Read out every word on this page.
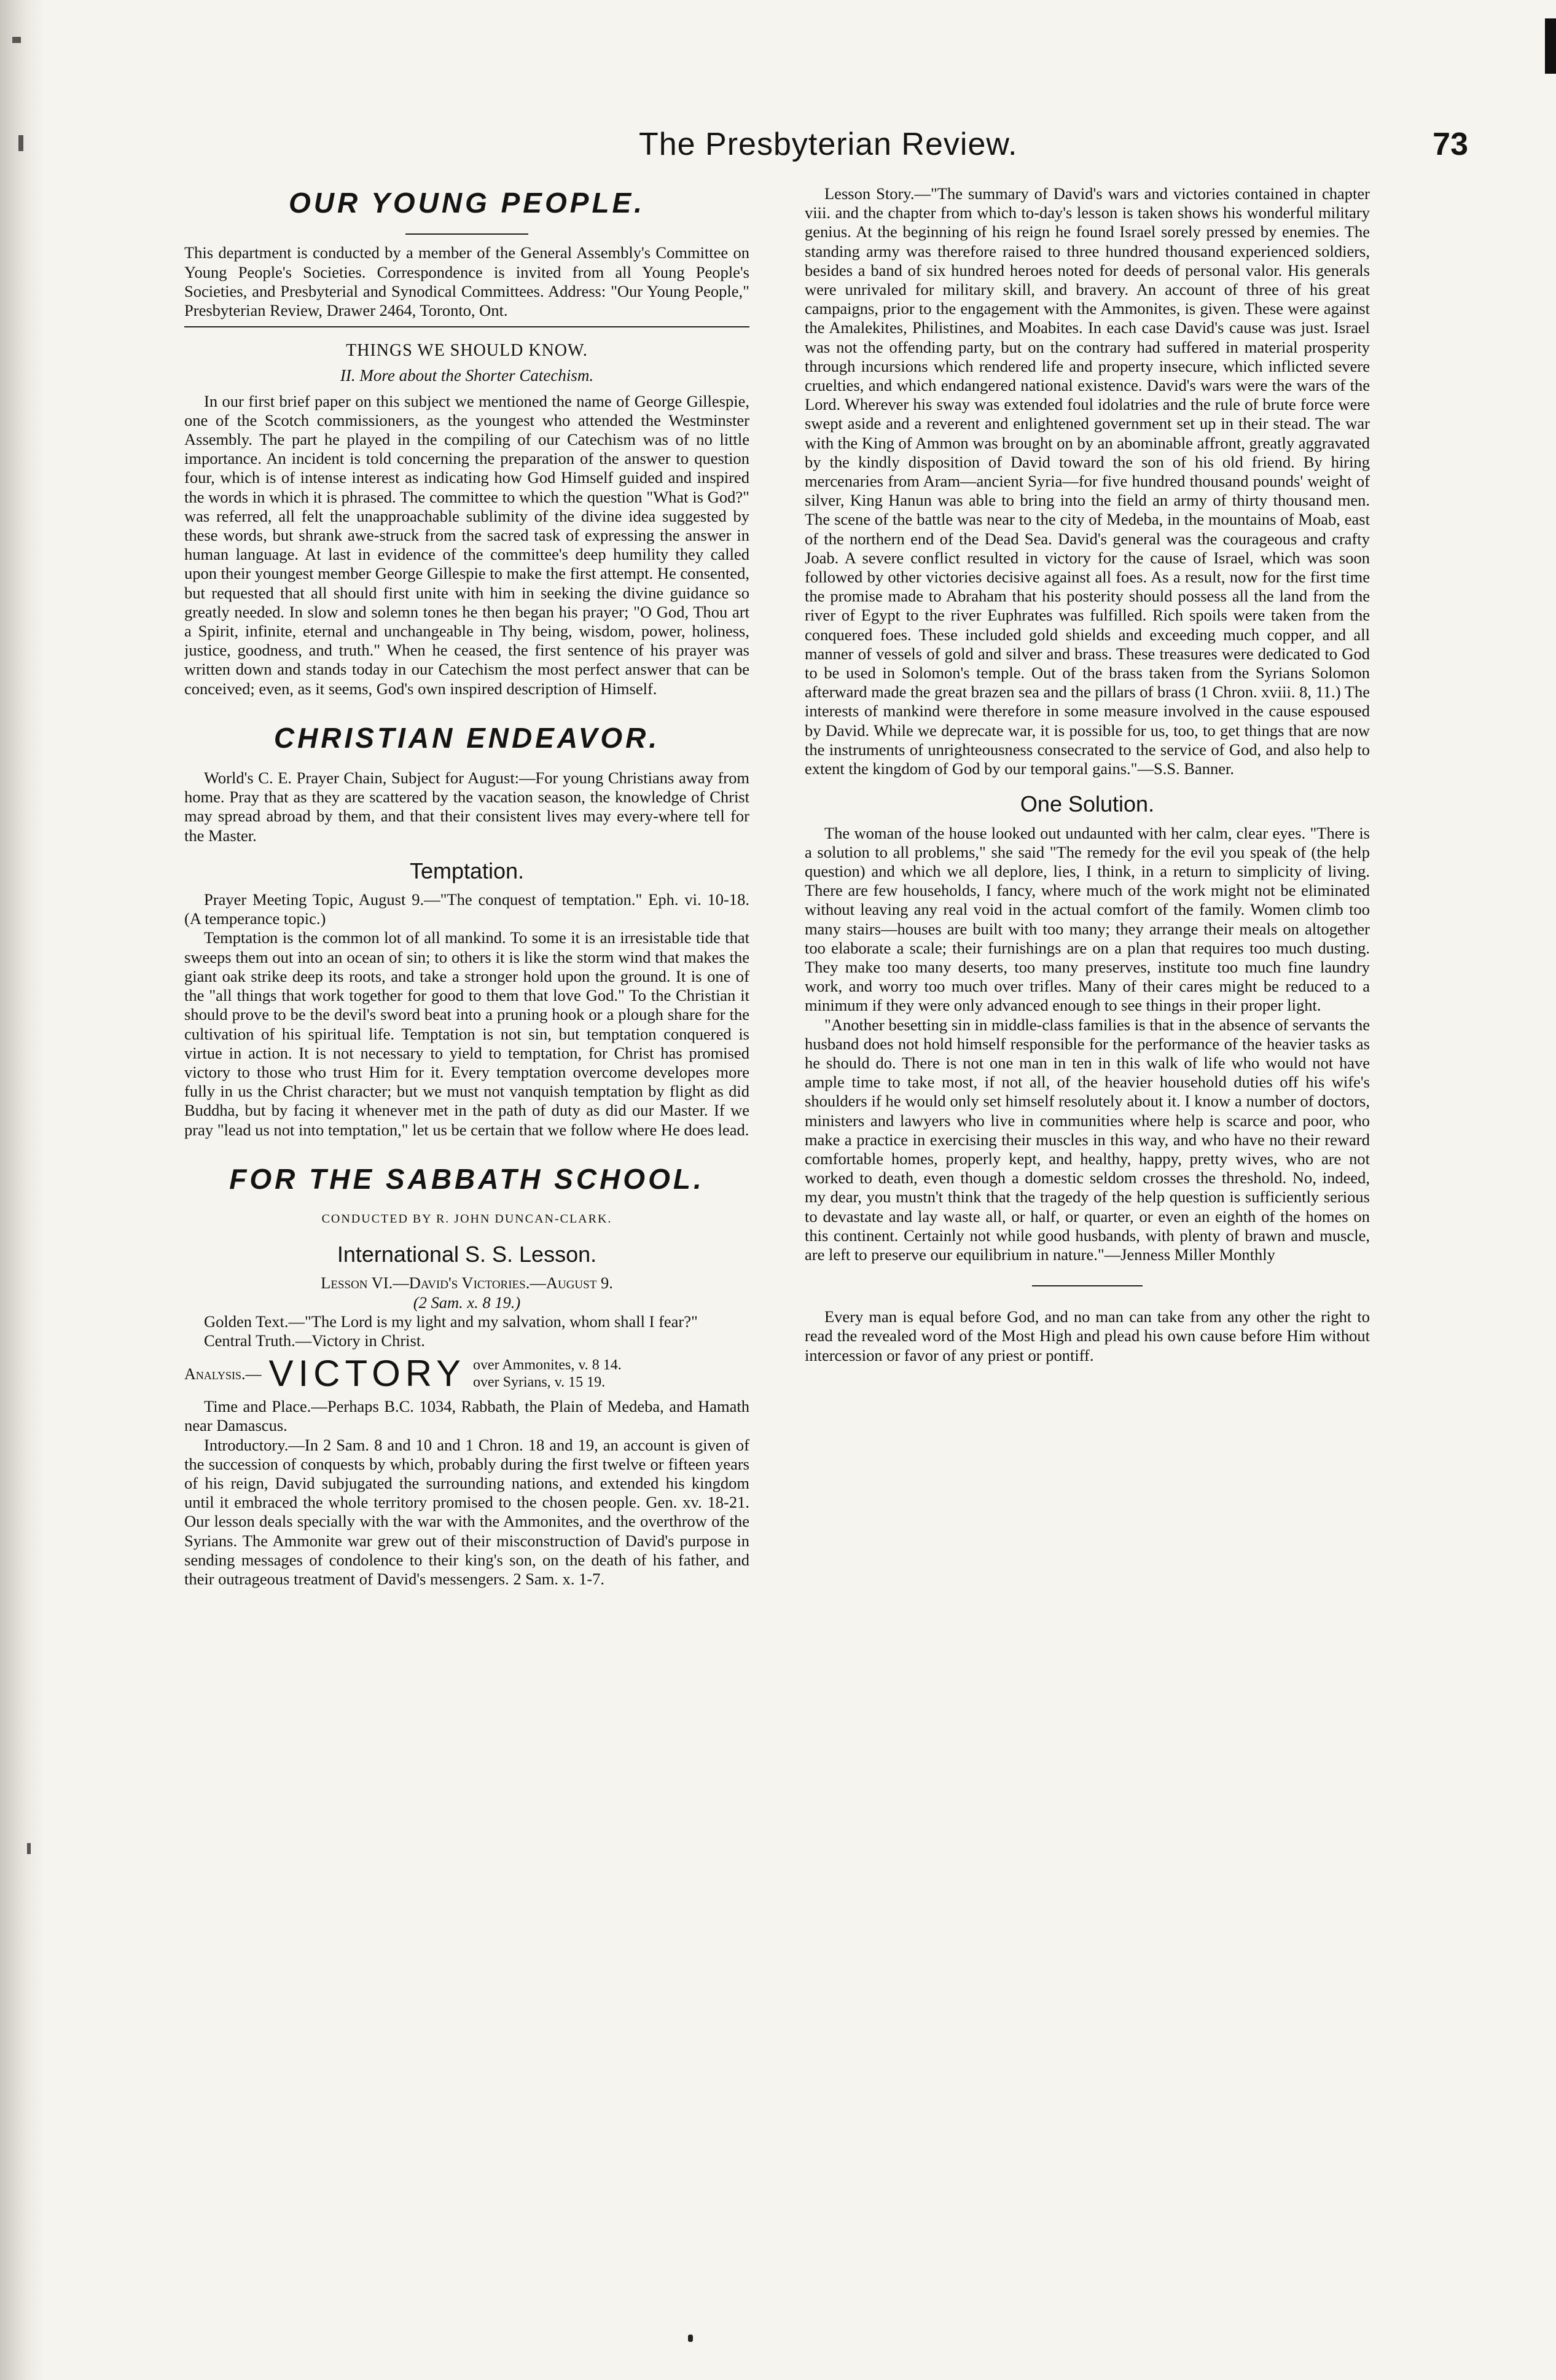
The Presbyterian Review.	73
OUR YOUNG PEOPLE.

This department is conducted by a member of the General Assembly's Committee on Young People's Societies. Correspondence is invited from all Young People's Societies, and Presbyterial and Synodical Committees. Address: "Our Young People," Presbyterian Review, Drawer 2464, Toronto, Ont.

THINGS WE SHOULD KNOW.
II. More about the Shorter Catechism.

In our first brief paper on this subject we mentioned the name of George Gillespie, one of the Scotch commissioners, as the youngest who attended the Westminster Assembly. The part he played in the compiling of our Catechism was of no little importance. An incident is told concerning the preparation of the answer to question four, which is of intense interest as indicating how God Himself guided and inspired the words in which it is phrased. The committee to which the question "What is God?" was referred, all felt the unapproachable sublimity of the divine idea suggested by these words, but shrank awe-struck from the sacred task of expressing the answer in human language. At last in evidence of the committee's deep humility they called upon their youngest member George Gillespie to make the first attempt. He consented, but requested that all should first unite with him in seeking the divine guidance so greatly needed. In slow and solemn tones he then began his prayer; "O God, Thou art a Spirit, infinite, eternal and unchangeable in Thy being, wisdom, power, holiness, justice, goodness, and truth." When he ceased, the first sentence of his prayer was written down and stands today in our Catechism the most perfect answer that can be conceived; even, as it seems, God's own inspired description of Himself.

CHRISTIAN ENDEAVOR.

World's C. E. Prayer Chain, Subject for August:—For young Christians away from home. Pray that as they are scattered by the vacation season, the knowledge of Christ may spread abroad by them, and that their consistent lives may every-where tell for the Master.

Temptation.

Prayer Meeting Topic, August 9.—"The conquest of temptation." Eph. vi. 10-18. (A temperance topic.)

Temptation is the common lot of all mankind. To some it is an irresistable tide that sweeps them out into an ocean of sin; to others it is like the storm wind that makes the giant oak strike deep its roots, and take a stronger hold upon the ground. It is one of the "all things that work together for good to them that love God." To the Christian it should prove to be the devil's sword beat into a pruning hook or a plough share for the cultivation of his spiritual life. Temptation is not sin, but temptation conquered is virtue in action. It is not necessary to yield to temptation, for Christ has promised victory to those who trust Him for it. Every temptation overcome developes more fully in us the Christ character; but we must not vanquish temptation by flight as did Buddha, but by facing it whenever met in the path of duty as did our Master. If we pray "lead us not into temptation," let us be certain that we follow where He does lead.

FOR THE SABBATH SCHOOL.
CONDUCTED BY R. JOHN DUNCAN-CLARK.
International S. S. Lesson.

Lesson VI.—David's Victories.—August 9.

(2 Sam. x. 8 19.)

Golden Text.—"The Lord is my light and my salvation, whom shall I fear?"

Central Truth.—Victory in Christ.

Analysis.— VICTORY over Ammonites, v. 8 14.
over Syrians, v. 15 19.

Time and Place.—Perhaps B.C. 1034, Rabbath, the Plain of Medeba, and Hamath near Damascus.

Introductory.—In 2 Sam. 8 and 10 and 1 Chron. 18 and 19, an account is given of the succession of conquests by which, probably during the first twelve or fifteen years of his reign, David subjugated the surrounding nations, and extended his kingdom until it embraced the whole territory promised to the chosen people. Gen. xv. 18-21. Our lesson deals specially with the war with the Ammonites, and the overthrow of the Syrians. The Ammonite war grew out of their misconstruction of David's purpose in sending messages of condolence to their king's son, on the death of his father, and their outrageous treatment of David's messengers. 2 Sam. x. 1-7.

Lesson Story.—"The summary of David's wars and victories contained in chapter viii. and the chapter from which to-day's lesson is taken shows his wonderful military genius. At the beginning of his reign he found Israel sorely pressed by enemies. The standing army was therefore raised to three hundred thousand experienced soldiers, besides a band of six hundred heroes noted for deeds of personal valor. His generals were unrivaled for military skill, and bravery. An account of three of his great campaigns, prior to the engagement with the Ammonites, is given. These were against the Amalekites, Philistines, and Moabites. In each case David's cause was just. Israel was not the offending party, but on the contrary had suffered in material prosperity through incursions which rendered life and property insecure, which inflicted severe cruelties, and which endangered national existence. David's wars were the wars of the Lord. Wherever his sway was extended foul idolatries and the rule of brute force were swept aside and a reverent and enlightened government set up in their stead. The war with the King of Ammon was brought on by an abominable affront, greatly aggravated by the kindly disposition of David toward the son of his old friend. By hiring mercenaries from Aram—ancient Syria—for five hundred thousand pounds' weight of silver, King Hanun was able to bring into the field an army of thirty thousand men. The scene of the battle was near to the city of Medeba, in the mountains of Moab, east of the northern end of the Dead Sea. David's general was the courageous and crafty Joab. A severe conflict resulted in victory for the cause of Israel, which was soon followed by other victories decisive against all foes. As a result, now for the first time the promise made to Abraham that his posterity should possess all the land from the river of Egypt to the river Euphrates was fulfilled. Rich spoils were taken from the conquered foes. These included gold shields and exceeding much copper, and all manner of vessels of gold and silver and brass. These treasures were dedicated to God to be used in Solomon's temple. Out of the brass taken from the Syrians Solomon afterward made the great brazen sea and the pillars of brass (1 Chron. xviii. 8, 11.) The interests of mankind were therefore in some measure involved in the cause espoused by David. While we deprecate war, it is possible for us, too, to get things that are now the instruments of unrighteousness consecrated to the service of God, and also help to extent the kingdom of God by our temporal gains."—S.S. Banner.

One Solution.

The woman of the house looked out undaunted with her calm, clear eyes. "There is a solution to all problems," she said "The remedy for the evil you speak of (the help question) and which we all deplore, lies, I think, in a return to simplicity of living. There are few households, I fancy, where much of the work might not be eliminated without leaving any real void in the actual comfort of the family. Women climb too many stairs—houses are built with too many; they arrange their meals on altogether too elaborate a scale; their furnishings are on a plan that requires too much dusting. They make too many deserts, too many preserves, institute too much fine laundry work, and worry too much over trifles. Many of their cares might be reduced to a minimum if they were only advanced enough to see things in their proper light.

"Another besetting sin in middle-class families is that in the absence of servants the husband does not hold himself responsible for the performance of the heavier tasks as he should do. There is not one man in ten in this walk of life who would not have ample time to take most, if not all, of the heavier household duties off his wife's shoulders if he would only set himself resolutely about it. I know a number of doctors, ministers and lawyers who live in communities where help is scarce and poor, who make a practice in exercising their muscles in this way, and who have no their reward comfortable homes, properly kept, and healthy, happy, pretty wives, who are not worked to death, even though a domestic seldom crosses the threshold. No, indeed, my dear, you mustn't think that the tragedy of the help question is sufficiently serious to devastate and lay waste all, or half, or quarter, or even an eighth of the homes on this continent. Certainly not while good husbands, with plenty of brawn and muscle, are left to preserve our equilibrium in nature."—Jenness Miller Monthly

Every man is equal before God, and no man can take from any other the right to read the revealed word of the Most High and plead his own cause before Him without intercession or favor of any priest or pontiff.
